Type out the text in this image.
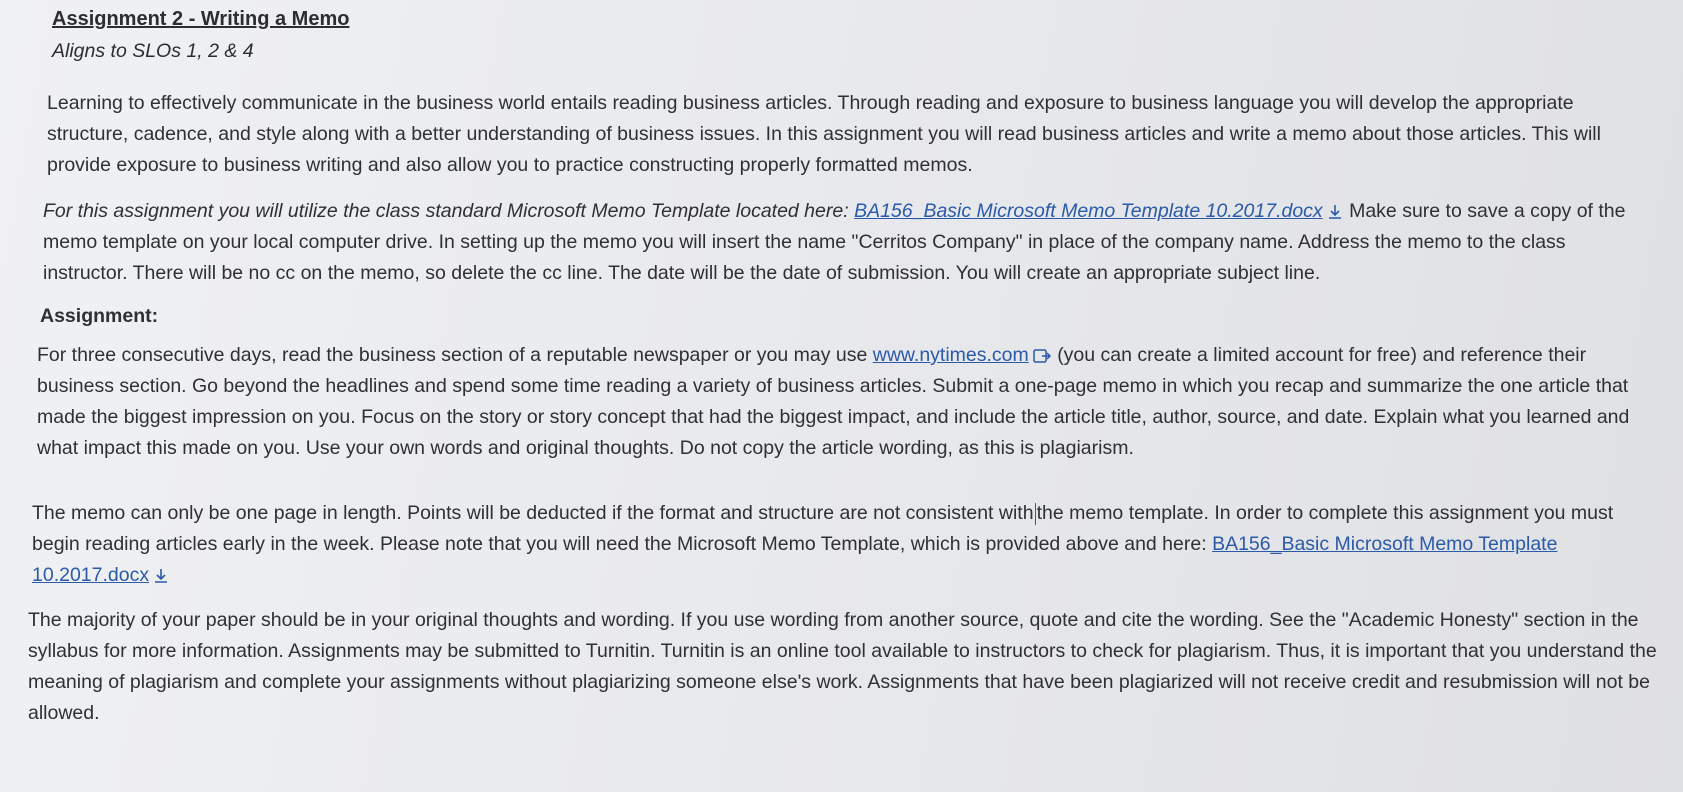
Assignment 2 - Writing a Memo
Aligns to SLOs 1, 2 & 4

Learning to effectively communicate in the business world entails reading business articles. Through reading and exposure to business language you will develop the appropriate structure, cadence, and style along with a better understanding of business issues. In this assignment you will read business articles and write a memo about those articles. This will provide exposure to business writing and also allow you to practice constructing properly formatted memos.

For this assignment you will utilize the class standard Microsoft Memo Template located here: BA156_Basic Microsoft Memo Template 10.2017.docx Make sure to save a copy of the memo template on your local computer drive. In setting up the memo you will insert the name "Cerritos Company" in place of the company name. Address the memo to the class instructor. There will be no cc on the memo, so delete the cc line. The date will be the date of submission. You will create an appropriate subject line.

Assignment:

For three consecutive days, read the business section of a reputable newspaper or you may use www.nytimes.com (you can create a limited account for free) and reference their business section. Go beyond the headlines and spend some time reading a variety of business articles. Submit a one-page memo in which you recap and summarize the one article that made the biggest impression on you. Focus on the story or story concept that had the biggest impact, and include the article title, author, source, and date. Explain what you learned and what impact this made on you. Use your own words and original thoughts. Do not copy the article wording, as this is plagiarism.

The memo can only be one page in length. Points will be deducted if the format and structure are not consistent with the memo template. In order to complete this assignment you must begin reading articles early in the week. Please note that you will need the Microsoft Memo Template, which is provided above and here: BA156_Basic Microsoft Memo Template 10.2017.docx

The majority of your paper should be in your original thoughts and wording. If you use wording from another source, quote and cite the wording. See the "Academic Honesty" section in the syllabus for more information. Assignments may be submitted to Turnitin. Turnitin is an online tool available to instructors to check for plagiarism. Thus, it is important that you understand the meaning of plagiarism and complete your assignments without plagiarizing someone else's work. Assignments that have been plagiarized will not receive credit and resubmission will not be allowed.
